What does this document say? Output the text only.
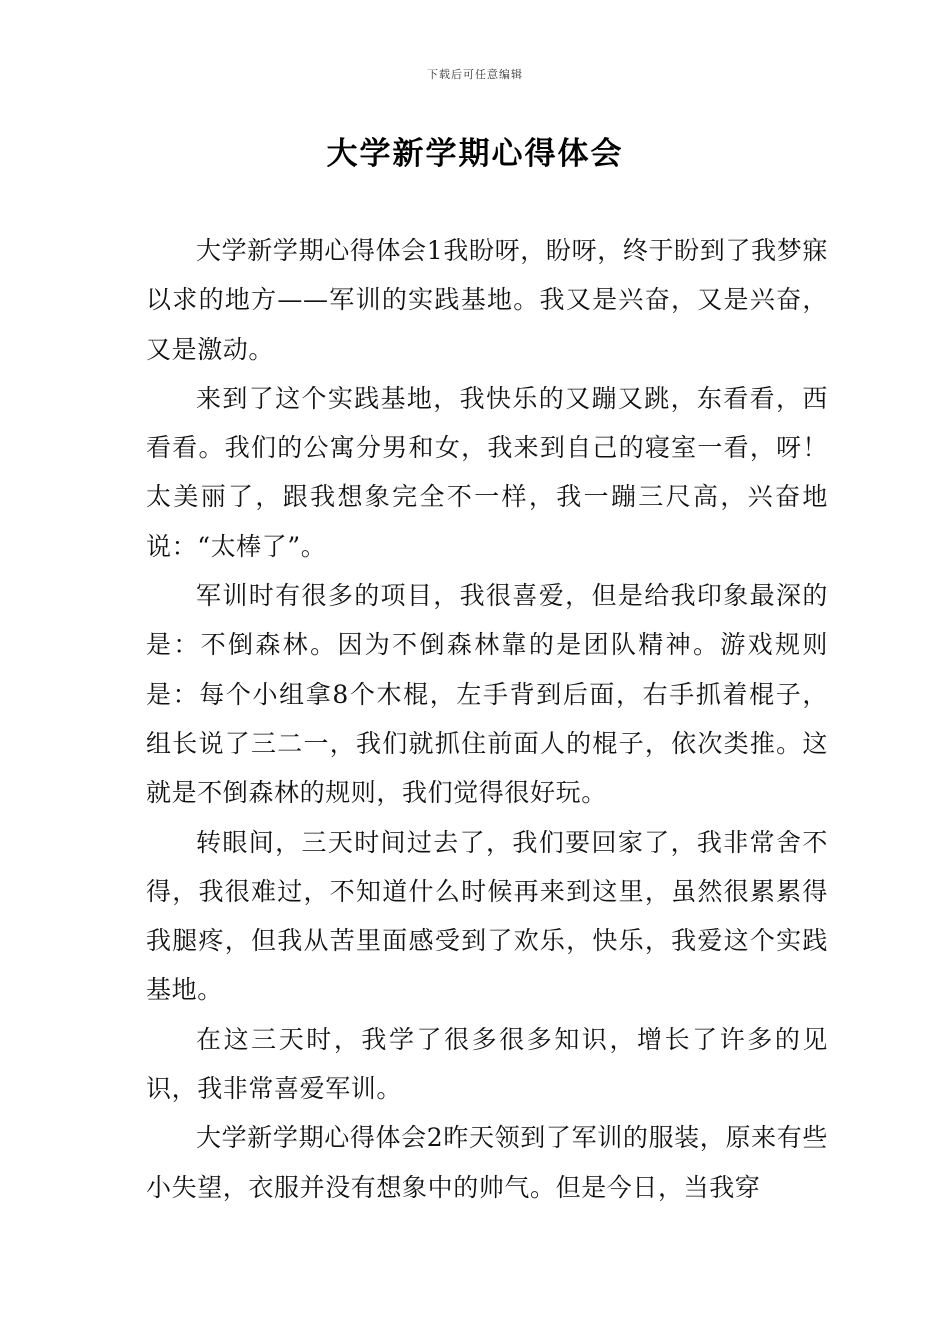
下载后可任意编辑
大学新学期心得体会

大学新学期心得体会1我盼呀，盼呀，终于盼到了我梦寐以求的地方——军训的实践基地。我又是兴奋，又是兴奋，又是激动。

来到了这个实践基地，我快乐的又蹦又跳，东看看，西看看。我们的公寓分男和女，我来到自己的寝室一看，呀！太美丽了，跟我想象完全不一样，我一蹦三尺高，兴奋地说：“太棒了”。

军训时有很多的项目，我很喜爱，但是给我印象最深的是：不倒森林。因为不倒森林靠的是团队精神。游戏规则是：每个小组拿8个木棍，左手背到后面，右手抓着棍子，组长说了三二一，我们就抓住前面人的棍子，依次类推。这就是不倒森林的规则，我们觉得很好玩。

转眼间，三天时间过去了，我们要回家了，我非常舍不得，我很难过，不知道什么时候再来到这里，虽然很累累得我腿疼，但我从苦里面感受到了欢乐，快乐，我爱这个实践基地。

在这三天时，我学了很多很多知识，增长了许多的见识，我非常喜爱军训。

大学新学期心得体会2昨天领到了军训的服装，原来有些小失望，衣服并没有想象中的帅气。但是今日，当我穿
